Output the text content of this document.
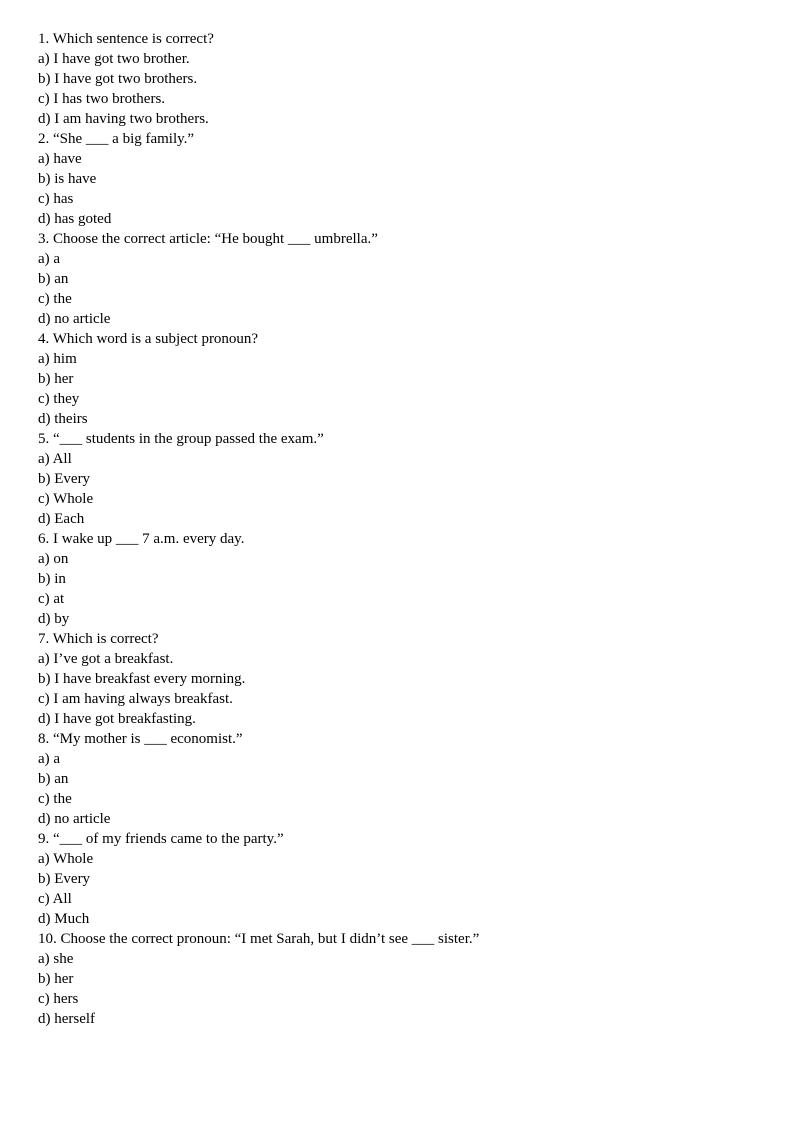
1. Which sentence is correct?
a) I have got two brother.
b) I have got two brothers.
c) I has two brothers.
d) I am having two brothers.
2. “She ___ a big family.”
a) have
b) is have
c) has
d) has goted
3. Choose the correct article: “He bought ___ umbrella.”
a) a
b) an
c) the
d) no article
4. Which word is a subject pronoun?
a) him
b) her
c) they
d) theirs
5. “___ students in the group passed the exam.”
a) All
b) Every
c) Whole
d) Each
6. I wake up ___ 7 a.m. every day.
a) on
b) in
c) at
d) by
7. Which is correct?
a) I’ve got a breakfast.
b) I have breakfast every morning.
c) I am having always breakfast.
d) I have got breakfasting.
8. “My mother is ___ economist.”
a) a
b) an
c) the
d) no article
9. “___ of my friends came to the party.”
a) Whole
b) Every
c) All
d) Much
10. Choose the correct pronoun: “I met Sarah, but I didn’t see ___ sister.”
a) she
b) her
c) hers
d) herself
